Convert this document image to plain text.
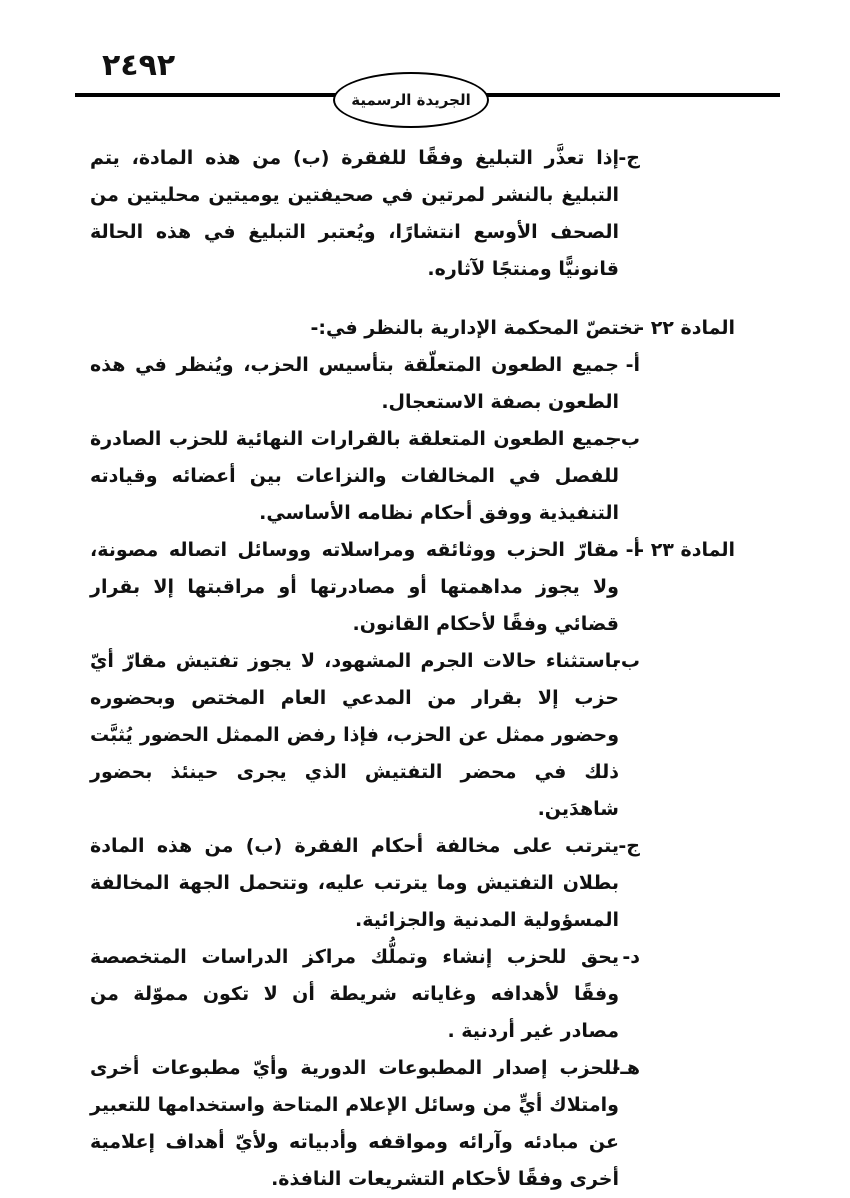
٢٩٤٢
الجريدة الرسمية
ج-
إذا تعذَّر التبليغ وفقًا للفقرة (ب) من هذه المادة، يتم التبليغ بالنشر لمرتين في صحيفتين يوميتين محليتين من الصحف الأوسع انتشارًا، ويُعتبر التبليغ في هذه الحالة قانونيًّا ومنتجًا لآثاره.
المادة ٢٢ -
تختصّ المحكمة الإدارية بالنظر في:-
أ-
جميع الطعون المتعلّقة بتأسيس الحزب، ويُنظر في هذه الطعون بصفة الاستعجال.
ب-
جميع الطعون المتعلقة بالقرارات النهائية للحزب الصادرة للفصل في المخالفات والنزاعات بين أعضائه وقيادته التنفيذية ووفق أحكام نظامه الأساسي.
المادة ٢٣ -
أ-
مقارّ الحزب ووثائقه ومراسلاته ووسائل اتصاله مصونة، ولا يجوز مداهمتها أو مصادرتها أو مراقبتها إلا بقرار قضائي وفقًا لأحكام القانون.
ب-
باستثناء حالات الجرم المشهود، لا يجوز تفتيش مقارّ أيّ حزب إلا بقرار من المدعي العام المختص وبحضوره وحضور ممثل عن الحزب، فإذا رفض الممثل الحضور يُثبَّت ذلك في محضر التفتيش الذي يجرى حينئذ بحضور شاهدَين.
ج-
يترتب على مخالفة أحكام الفقرة (ب) من هذه المادة بطلان التفتيش وما يترتب عليه، وتتحمل الجهة المخالفة المسؤولية المدنية والجزائية.
د-
يحق للحزب إنشاء وتملُّك مراكز الدراسات المتخصصة وفقًا لأهدافه وغاياته شريطة أن لا تكون مموّلة من مصادر غير أردنية .
هـ-
للحزب إصدار المطبوعات الدورية وأيّ مطبوعات أخرى وامتلاك أيٍّ من وسائل الإعلام المتاحة واستخدامها للتعبير عن مبادئه وآرائه ومواقفه وأدبياته ولأيّ أهداف إعلامية أخرى وفقًا لأحكام التشريعات النافذة.
